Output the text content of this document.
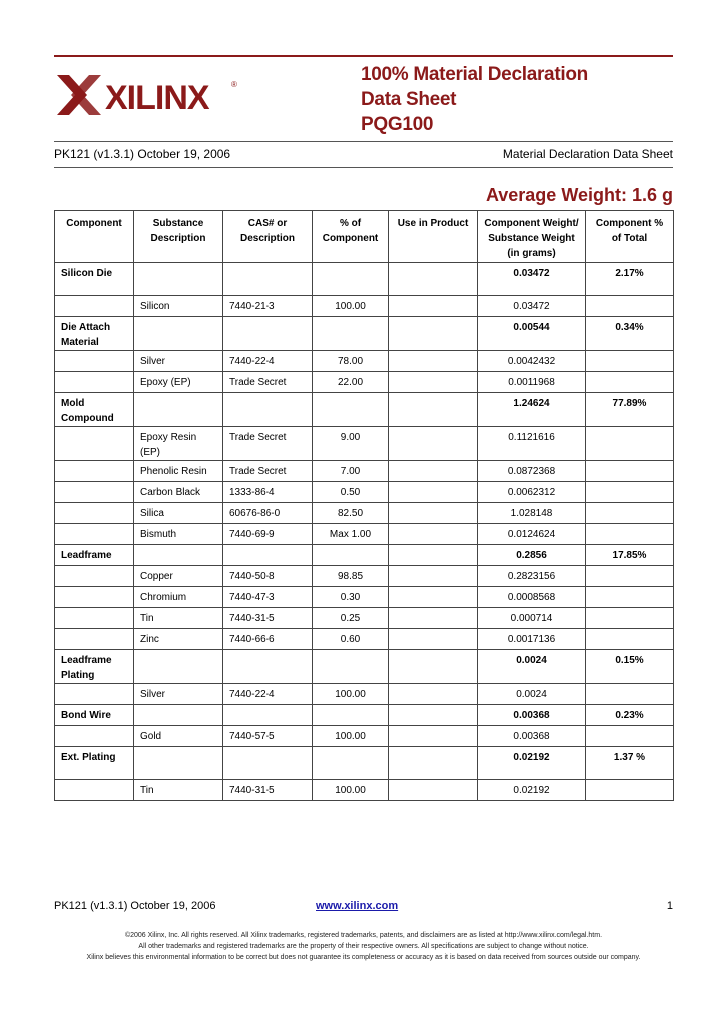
XILINX	®	100% Material Declaration
Data Sheet
PQG100
PK121 (v1.3.1) October 19, 2006	Material Declaration Data Sheet
Average Weight: 1.6 g
Component	Substance Description	CAS# or Description	% of Component	Use in Product	Component Weight/ Substance Weight (in grams)	Component % of Total
Silicon Die					0.03472	2.17%
	Silicon	7440-21-3	100.00		0.03472	
Die Attach Material					0.00544	0.34%
	Silver	7440-22-4	78.00		0.0042432	
	Epoxy (EP)	Trade Secret	22.00		0.0011968	
Mold Compound					1.24624	77.89%
	Epoxy Resin (EP)	Trade Secret	9.00		0.1121616	
	Phenolic Resin	Trade Secret	7.00		0.0872368	
	Carbon Black	1333-86-4	0.50		0.0062312	
	Silica	60676-86-0	82.50		1.028148	
	Bismuth	7440-69-9	Max 1.00		0.0124624	
Leadframe					0.2856	17.85%
	Copper	7440-50-8	98.85		0.2823156	
	Chromium	7440-47-3	0.30		0.0008568	
	Tin	7440-31-5	0.25		0.000714	
	Zinc	7440-66-6	0.60		0.0017136	
Leadframe Plating					0.0024	0.15%
	Silver	7440-22-4	100.00		0.0024	
Bond Wire					0.00368	0.23%
	Gold	7440-57-5	100.00		0.00368	
Ext. Plating					0.02192	1.37 %
	Tin	7440-31-5	100.00		0.02192	
PK121 (v1.3.1) October 19, 2006	www.xilinx.com	1
©2006 Xilinx, Inc. All rights reserved. All Xilinx trademarks, registered trademarks, patents, and disclaimers are as listed at http://www.xilinx.com/legal.htm.
All other trademarks and registered trademarks are the property of their respective owners. All specifications are subject to change without notice.
Xilinx believes this environmental information to be correct but does not guarantee its completeness or accuracy as it is based on data received from sources outside our company.
